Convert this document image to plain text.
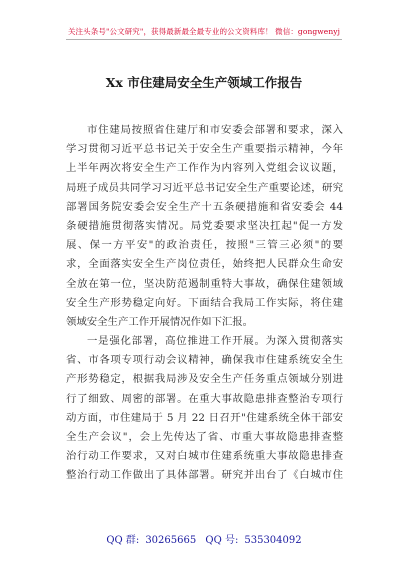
关注头条号"公文研究"，获得最新最全最专业的公文资料库！ 微信：gongwenyj
Xx 市住建局安全生产领域工作报告
市住建局按照省住建厅和市安委会部署和要求，深入
学习贯彻习近平总书记关于安全生产重要指示精神，今年
上半年两次将安全生产工作作为内容列入党组会议议题，
局班子成员共同学习习近平总书记安全生产重要论述，研究
部署国务院安委会安全生产十五条硬措施和省安委会 44
条硬措施贯彻落实情况。局党委要求坚决扛起"促一方发
展、保一方平安"的政治责任，按照"三管三必须"的要
求，全面落实安全生产岗位责任，始终把人民群众生命安
全放在第一位，坚决防范遏制重特大事故，确保住建领域
安全生产形势稳定向好。下面结合我局工作实际，将住建
领域安全生产工作开展情况作如下汇报。
一是强化部署，高位推进工作开展。为深入贯彻落实
省、市各项专项行动会议精神，确保我市住建系统安全生
产形势稳定，根据我局涉及安全生产任务重点领域分别进
行了细致、周密的部署。在重大事故隐患排查整治专项行
动方面，市住建局于 5 月 22 日召开"住建系统全体干部安
全生产会议"，会上先传达了省、市重大事故隐患排查整
治行动工作要求，又对白城市住建系统重大事故隐患排查
整治行动工作做出了具体部署。研究并出台了《白城市住
QQ 群: 30265665 QQ 号: 535304092
